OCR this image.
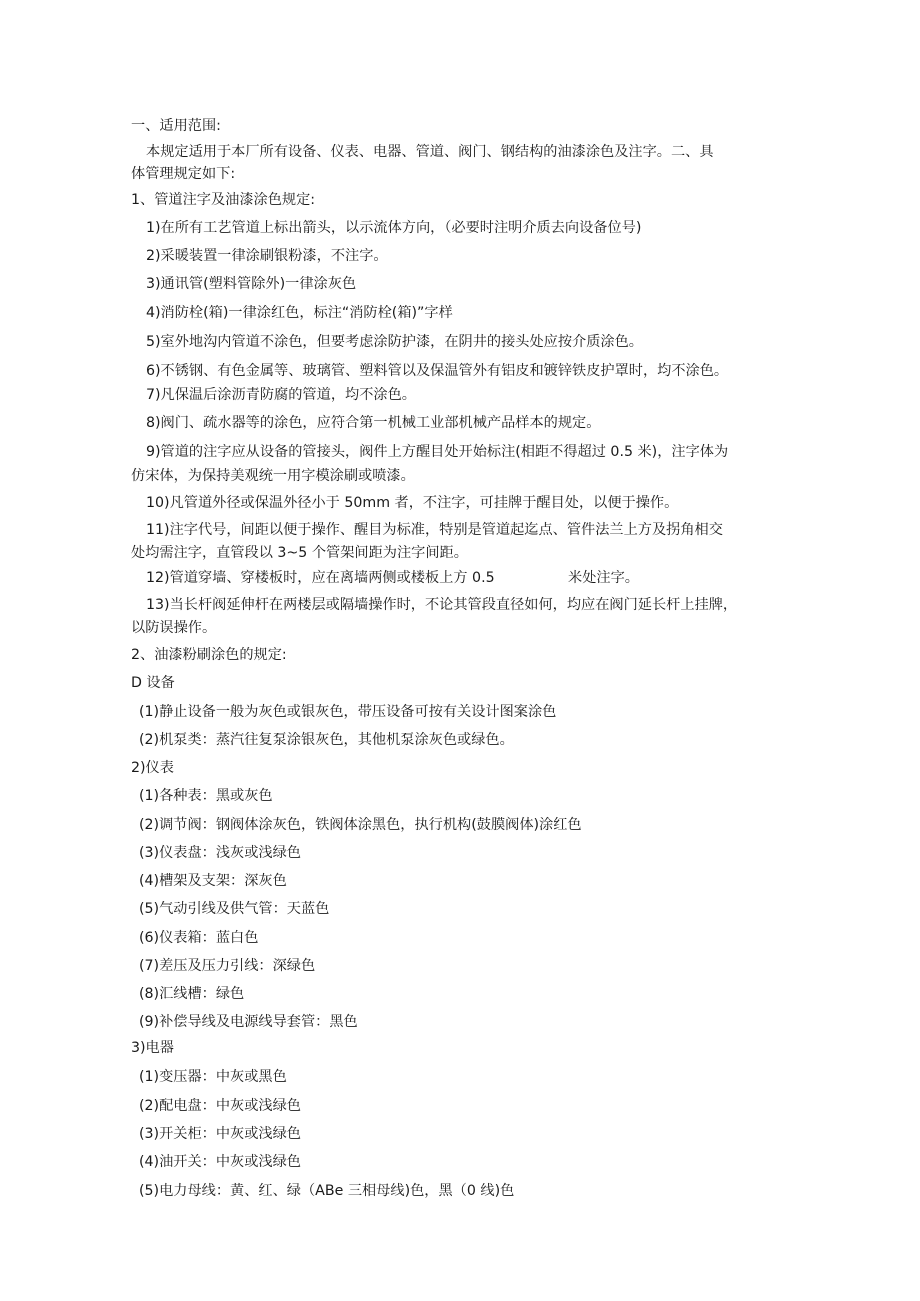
一、适用范围:
本规定适用于本厂所有设备、仪表、电器、管道、阀门、钢结构的油漆涂色及注字。二、具
体管理规定如下:
1、管道注字及油漆涂色规定:
1)在所有工艺管道上标出箭头，以示流体方向，（必要时注明介质去向设备位号)
2)采暖装置一律涂刷银粉漆，不注字。
3)通讯管(塑料管除外)一律涂灰色
4)消防栓(箱)一律涂红色，标注“消防栓(箱)”字样
5)室外地沟内管道不涂色，但要考虑涂防护漆，在阴井的接头处应按介质涂色。
6)不锈钢、有色金属等、玻璃管、塑料管以及保温管外有铝皮和镀锌铁皮护罩时，均不涂色。
7)凡保温后涂沥青防腐的管道，均不涂色。
8)阀门、疏水器等的涂色，应符合第一机械工业部机械产品样本的规定。
9)管道的注字应从设备的管接头，阀件上方醒目处开始标注(相距不得超过 0.5 米)，注字体为
仿宋体，为保持美观统一用字模涂刷或喷漆。
10)凡管道外径或保温外径小于 50mm 者，不注字，可挂牌于醒目处，以便于操作。
11)注字代号，间距以便于操作、醒目为标准，特别是管道起迄点、管件法兰上方及拐角相交
处均需注字，直管段以 3~5 个管架间距为注字间距。
12)管道穿墙、穿楼板时，应在离墙两侧或楼板上方 0.5	米处注字。
13)当长杆阀延伸杆在两楼层或隔墙操作时，不论其管段直径如何，均应在阀门延长杆上挂牌，
以防误操作。
2、油漆粉刷涂色的规定:
D 设备
(1)静止设备一般为灰色或银灰色，带压设备可按有关设计图案涂色
(2)机泵类：蒸汽往复泵涂银灰色，其他机泵涂灰色或绿色。
2)仪表
(1)各种表：黑或灰色
(2)调节阀：钢阀体涂灰色，铁阀体涂黑色，执行机构(鼓膜阀体)涂红色
(3)仪表盘：浅灰或浅绿色
(4)槽架及支架：深灰色
(5)气动引线及供气管：天蓝色
(6)仪表箱：蓝白色
(7)差压及压力引线：深绿色
(8)汇线槽：绿色
(9)补偿导线及电源线导套管：黑色
3)电器
(1)变压器：中灰或黑色
(2)配电盘：中灰或浅绿色
(3)开关柜：中灰或浅绿色
(4)油开关：中灰或浅绿色
(5)电力母线：黄、红、绿（ABe 三相母线)色，黑（0 线)色
